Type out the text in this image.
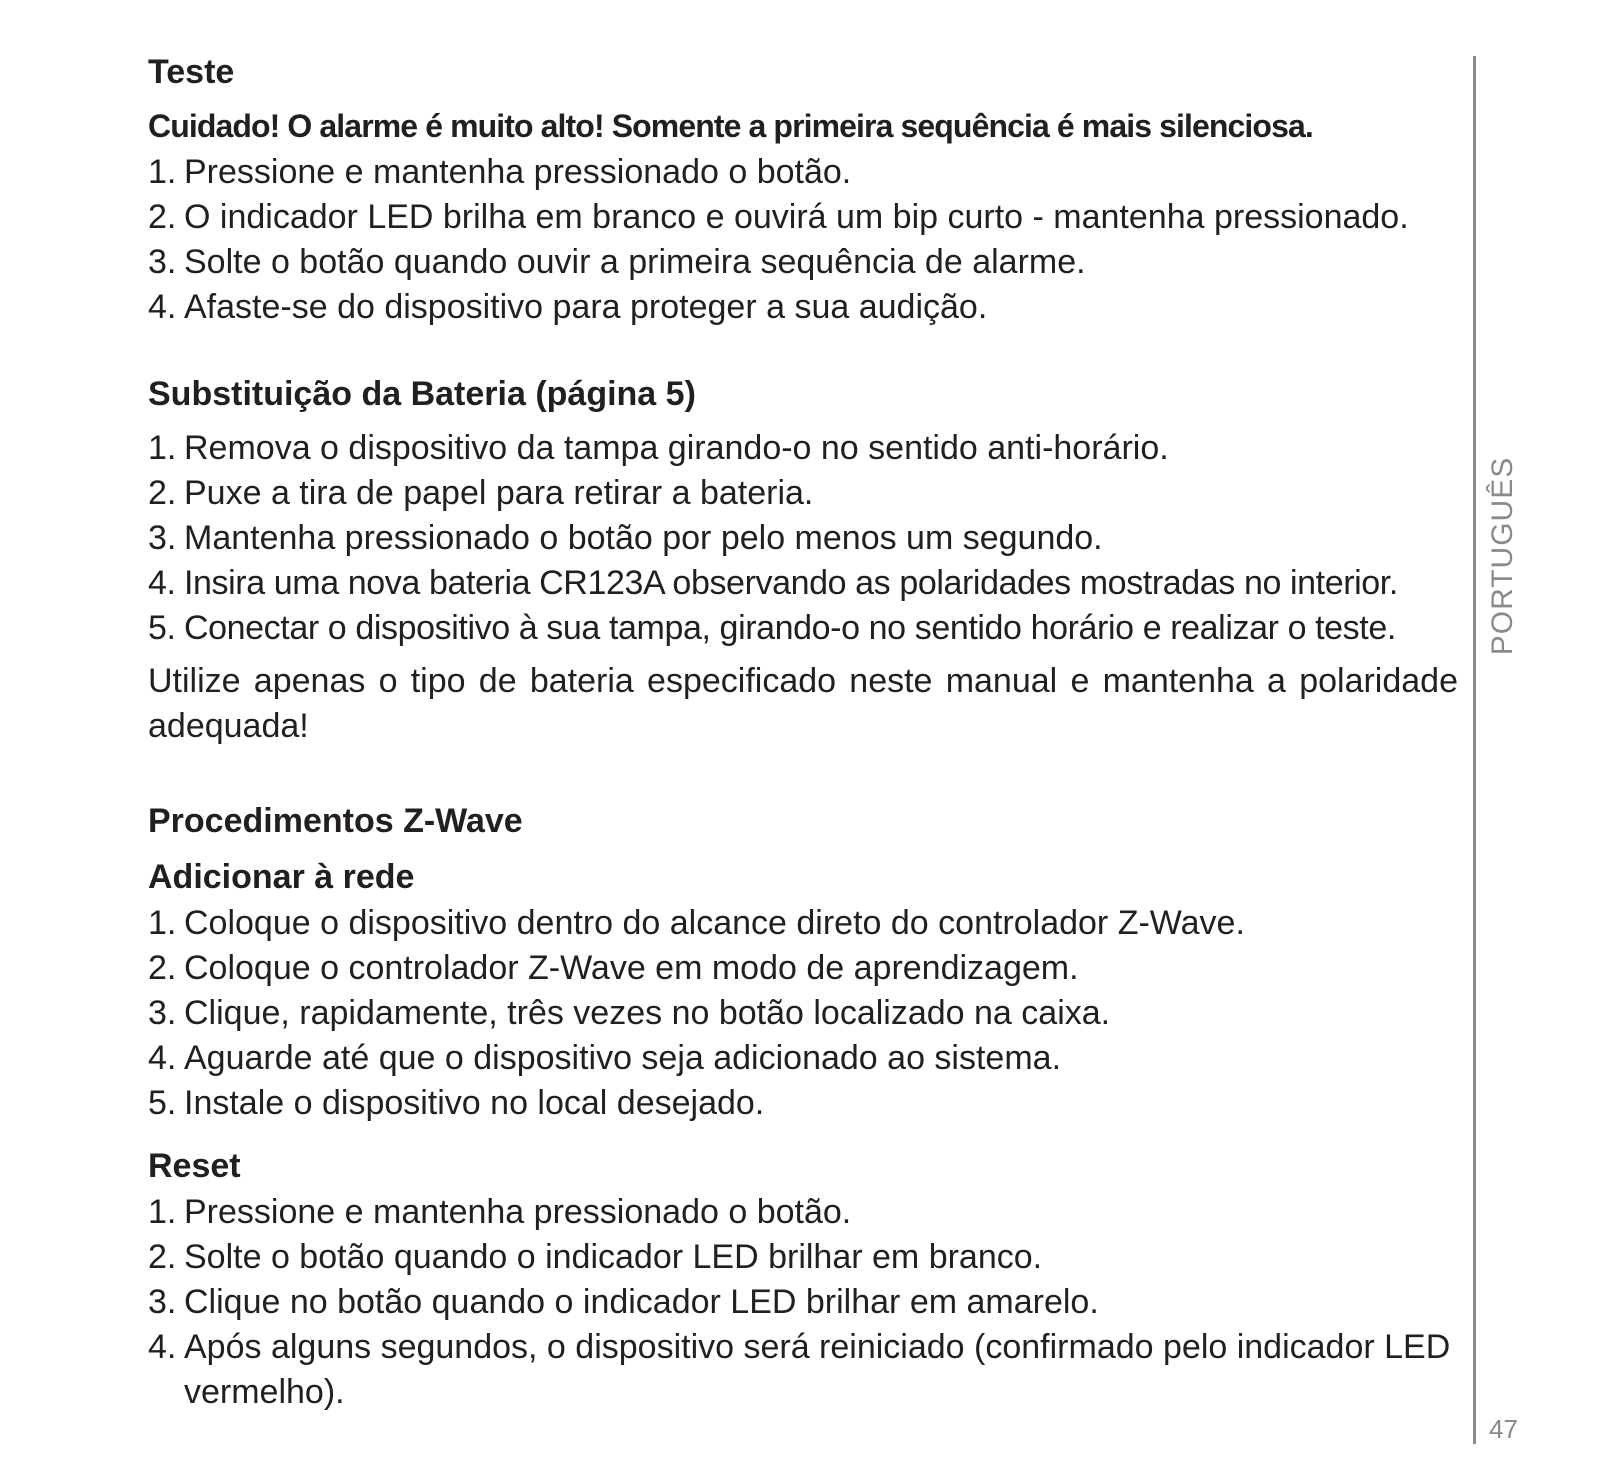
Teste

Cuidado! O alarme é muito alto! Somente a primeira sequência é mais silenciosa.

1. Pressione e mantenha pressionado o botão.
2. O indicador LED brilha em branco e ouvirá um bip curto - mantenha pressionado.
3. Solte o botão quando ouvir a primeira sequência de alarme.
4. Afaste-se do dispositivo para proteger a sua audição.
Substituição da Bateria (página 5)
1. Remova o dispositivo da tampa girando-o no sentido anti-horário.
2. Puxe a tira de papel para retirar a bateria.
3. Mantenha pressionado o botão por pelo menos um segundo.
4. Insira uma nova bateria CR123A observando as polaridades mostradas no interior.
5. Conectar o dispositivo à sua tampa, girando-o no sentido horário e realizar o teste.

Utilize apenas o tipo de bateria especificado neste manual e mantenha a polaridade adequada!

Procedimentos Z-Wave
Adicionar à rede
1. Coloque o dispositivo dentro do alcance direto do controlador Z-Wave.
2. Coloque o controlador Z-Wave em modo de aprendizagem.
3. Clique, rapidamente, três vezes no botão localizado na caixa.
4. Aguarde até que o dispositivo seja adicionado ao sistema.
5. Instale o dispositivo no local desejado.
Reset
1. Pressione e mantenha pressionado o botão.
2. Solte o botão quando o indicador LED brilhar em branco.
3. Clique no botão quando o indicador LED brilhar em amarelo.
4. Após alguns segundos, o dispositivo será reiniciado (confirmado pelo indicador LED vermelho).
PORTUGUÊS
47
